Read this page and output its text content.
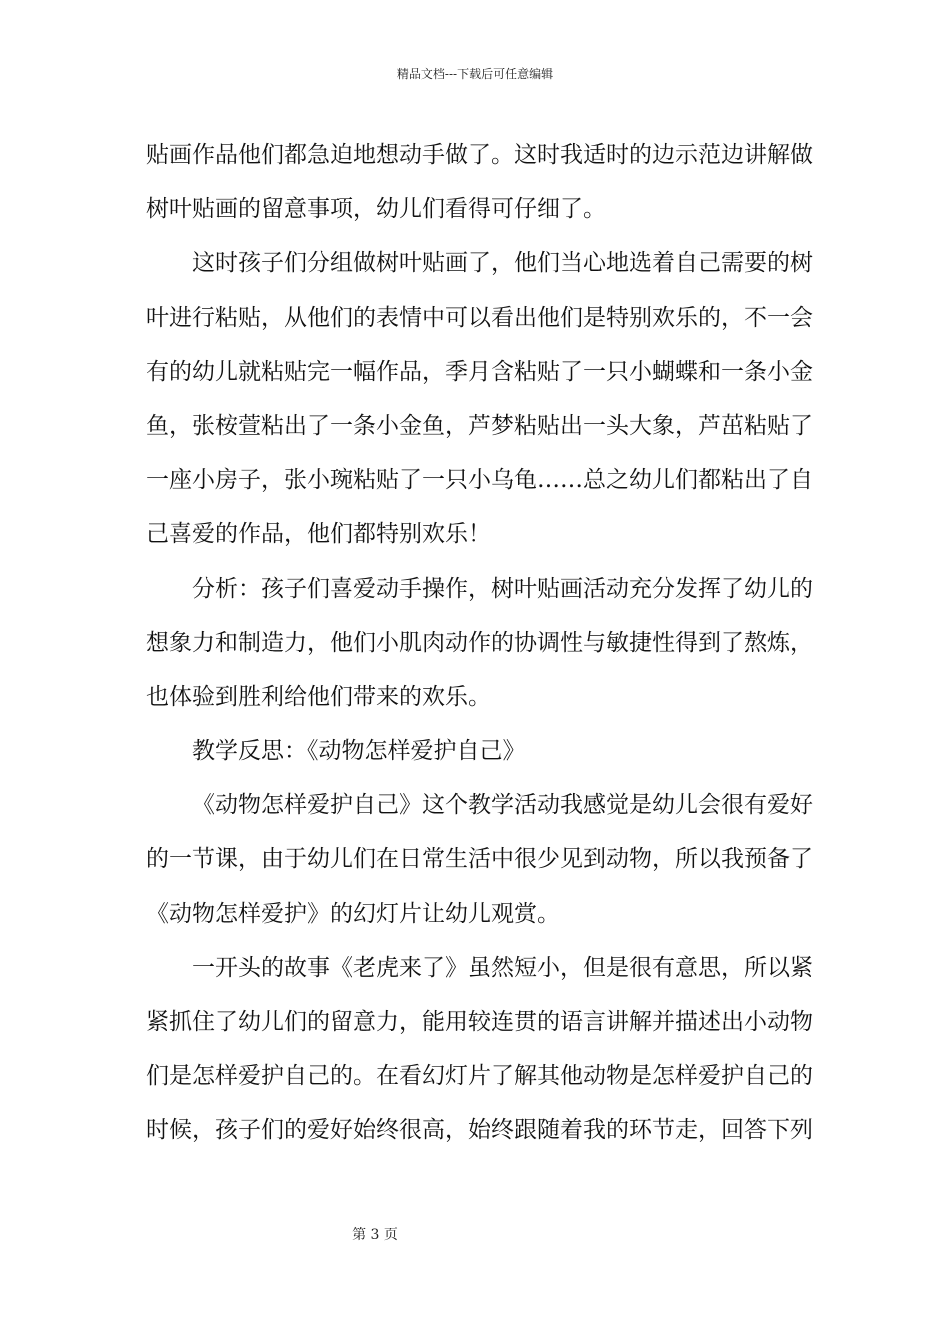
精品文档---下载后可任意编辑
贴画作品他们都急迫地想动手做了。这时我适时的边示范边讲解做
树叶贴画的留意事项，幼儿们看得可仔细了。
这时孩子们分组做树叶贴画了，他们当心地选着自己需要的树
叶进行粘贴，从他们的表情中可以看出他们是特别欢乐的，不一会
有的幼儿就粘贴完一幅作品，季月含粘贴了一只小蝴蝶和一条小金
鱼，张桉萱粘出了一条小金鱼，芦梦粘贴出一头大象，芦茁粘贴了
一座小房子，张小琬粘贴了一只小乌龟……总之幼儿们都粘出了自
己喜爱的作品，他们都特别欢乐！
分析：孩子们喜爱动手操作，树叶贴画活动充分发挥了幼儿的
想象力和制造力，他们小肌肉动作的协调性与敏捷性得到了熬炼，
也体验到胜利给他们带来的欢乐。
教学反思：《动物怎样爱护自己》
《动物怎样爱护自己》这个教学活动我感觉是幼儿会很有爱好
的一节课，由于幼儿们在日常生活中很少见到动物，所以我预备了
《动物怎样爱护》的幻灯片让幼儿观赏。
一开头的故事《老虎来了》虽然短小，但是很有意思，所以紧
紧抓住了幼儿们的留意力，能用较连贯的语言讲解并描述出小动物
们是怎样爱护自己的。在看幻灯片了解其他动物是怎样爱护自己的
时候，孩子们的爱好始终很高，始终跟随着我的环节走，回答下列
第 3 页
